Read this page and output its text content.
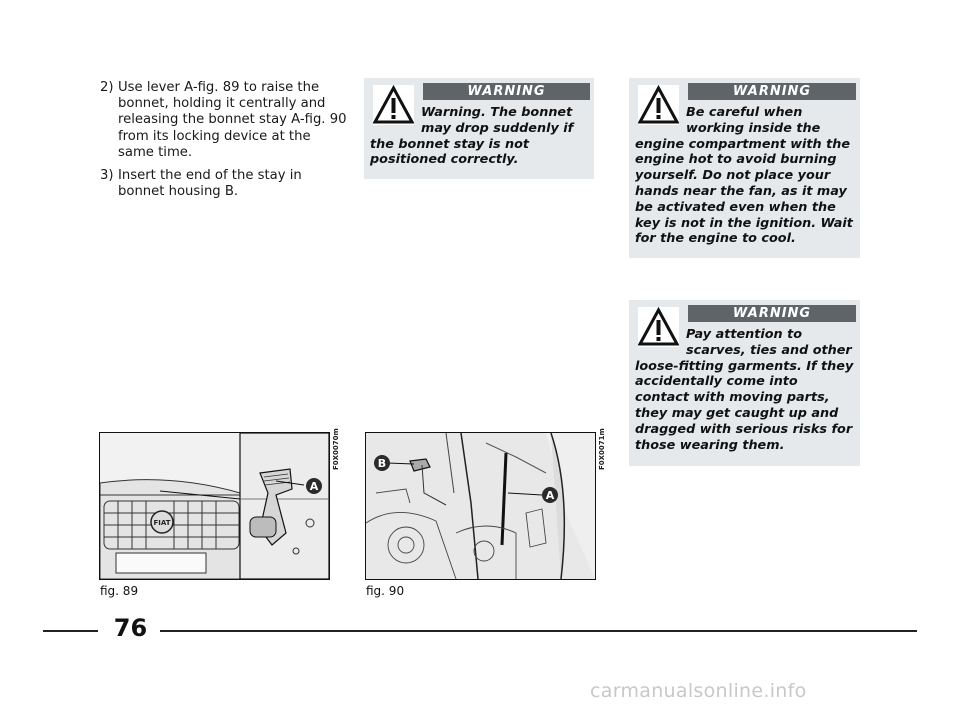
2) Use lever A-fig. 89 to raise the bonnet, holding it centrally and releasing the bonnet stay A-fig. 90 from its locking device at the same time.
3) Insert the end of the stay in bonnet housing B.
WARNING
Warning. The bonnet may drop suddenly if the bonnet stay is not positioned correctly.
WARNING
Be careful when working inside the engine compartment with the engine hot to avoid burning yourself. Do not place your hands near the fan, as it may be activated even when the key is not in the ignition. Wait for the engine to cool.
WARNING
Pay attention to scarves, ties and other loose-fitting garments. If they accidentally come into contact with moving parts, they may get caught up and dragged with serious risks for those wearing them.
FIAT
A
F0X0070m
fig. 89
B
A
F0X0071m
fig. 90
76
carmanualsonline.info
